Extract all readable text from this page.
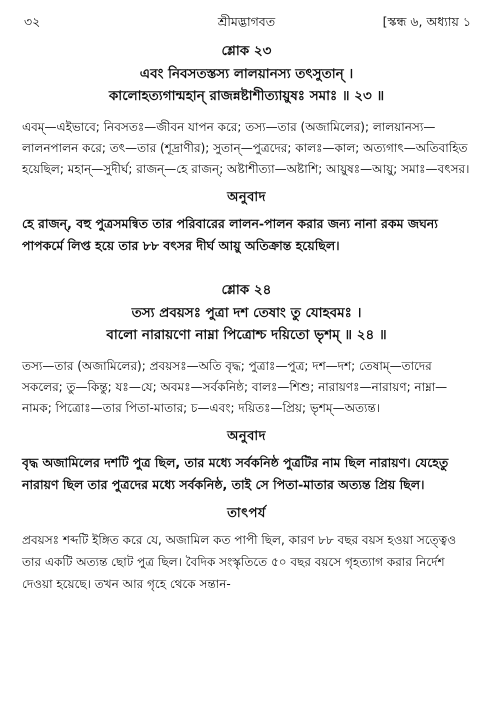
৩২	শ্রীমদ্ভাগবত	[স্কন্ধ ৬, অধ্যায় ১
শ্লোক ২৩
এবং নিবসতস্তস্য লালয়ানস্য তৎসুতান্ ।
কালোহত্যগান্মহান্ রাজন্নষ্টাশীত্যায়ুষঃ সমাঃ ॥ ২৩ ॥
এবম্—এইভাবে; নিবসতঃ—জীবন যাপন করে; তস্য—তার (অজামিলের); লালয়ানস্য—লালনপালন করে; তৎ—তার (শূদ্রাণীর); সুতান্—পুত্রদের; কালঃ—কাল; অত্যগাৎ—অতিবাহিত হয়েছিল; মহান্—সুদীর্ঘ; রাজন্—হে রাজন্; অষ্টাশীত্যা—অষ্টাশি; আয়ুষঃ—আয়ু; সমাঃ—বৎসর।
অনুবাদ
হে রাজন্, বহু পুত্রসমন্বিত তার পরিবারের লালন-পালন করার জন্য নানা রকম জঘন্য পাপকর্মে লিপ্ত হয়ে তার ৮৮ বৎসর দীর্ঘ আয়ু অতিক্রান্ত হয়েছিল।
শ্লোক ২৪
তস্য প্রবয়সঃ পুত্রা দশ তেষাং তু যোহবমঃ ।
বালো নারায়ণো নাম্না পিত্রোশ্চ দয়িতো ভৃশম্ ॥ ২৪ ॥
তস্য—তার (অজামিলের); প্রবয়সঃ—অতি বৃদ্ধ; পুত্রাঃ—পুত্র; দশ—দশ; তেষাম্—তাদের সকলের; তু—কিন্তু; যঃ—যে; অবমঃ—সর্বকনিষ্ঠ; বালঃ—শিশু; নারায়ণঃ—নারায়ণ; নাম্না—নামক; পিত্রোঃ—তার পিতা-মাতার; চ—এবং; দয়িতঃ—প্রিয়; ভৃশম্—অত্যন্ত।
অনুবাদ
বৃদ্ধ অজামিলের দশটি পুত্র ছিল, তার মধ্যে সর্বকনিষ্ঠ পুত্রটির নাম ছিল নারায়ণ। যেহেতু নারায়ণ ছিল তার পুত্রদের মধ্যে সর্বকনিষ্ঠ, তাই সে পিতা-মাতার অত্যন্ত প্রিয় ছিল।
তাৎপর্য
প্রবয়সঃ শব্দটি ইঙ্গিত করে যে, অজামিল কত পাপী ছিল, কারণ ৮৮ বছর বয়স হওয়া সত্ত্বেও তার একটি অত্যন্ত ছোট পুত্র ছিল। বৈদিক সংস্কৃতিতে ৫০ বছর বয়সে গৃহত্যাগ করার নির্দেশ দেওয়া হয়েছে। তখন আর গৃহে থেকে সন্তান-
